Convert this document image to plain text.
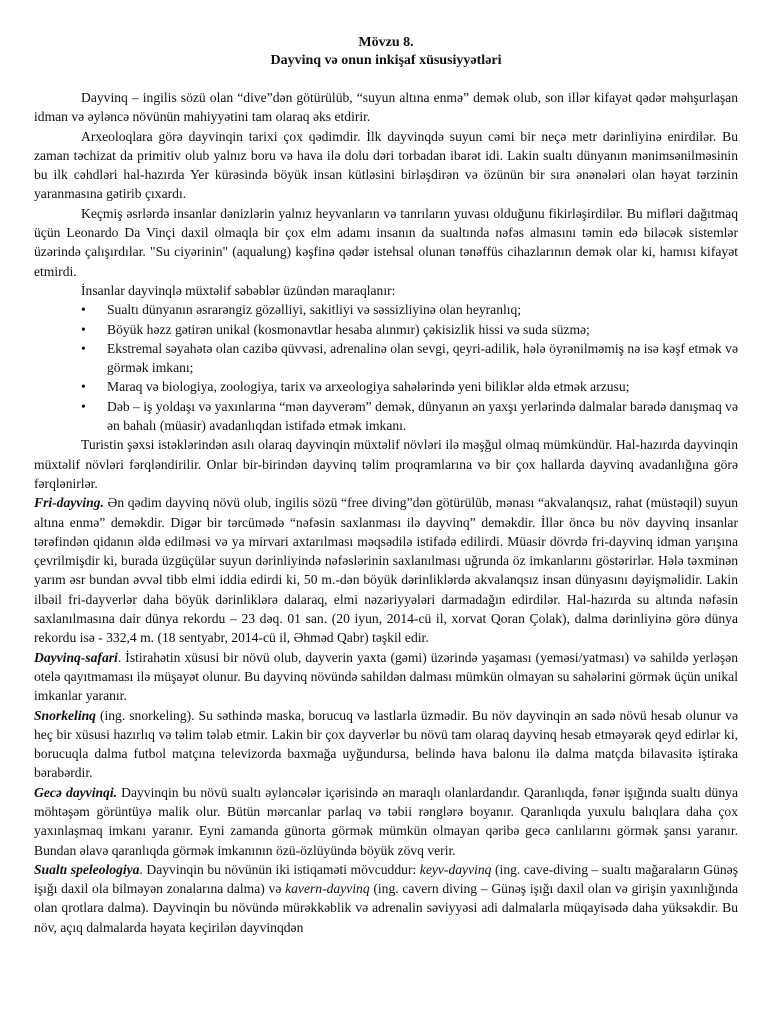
Mövzu 8.
Dayvinq və onun inkişaf xüsusiyyətləri

Dayvinq – ingilis sözü olan “dive”dən götürülüb, “suyun altına enmə” demək olub, son illər kifayət qədər məhşurlaşan idman və əyləncə növünün mahiyyətini tam olaraq əks etdirir.

Arxeoloqlara görə dayvinqin tarixi çox qədimdir. İlk dayvinqdə suyun cəmi bir neçə metr dərinliyinə enirdilər. Bu zaman təchizat da primitiv olub yalnız boru və hava ilə dolu dəri torbadan ibarət idi. Lakin sualtı dünyanın mənimsənilməsinin bu ilk cəhdləri hal-hazırda Yer kürəsində böyük insan kütləsini birləşdirən və özünün bir sıra ənənələri olan həyat tərzinin yaranmasına gətirib çıxardı.

Keçmiş əsrlərdə insanlar dənizlərin yalnız heyvanların və tanrıların yuvası olduğunu fikirləşirdilər. Bu mifləri dağıtmaq üçün Leonardo Da Vinçi daxil olmaqla bir çox elm adamı insanın da sualtında nəfəs almasını təmin edə biləcək sistemlər üzərində çalışırdılar. "Su ciyərinin" (aqualung) kəşfinə qədər istehsal olunan tənəffüs cihazlarının demək olar ki, hamısı kifayət etmirdi.

İnsanlar dayvinqlə müxtəlif səbəblər üzündən maraqlanır:

• Sualtı dünyanın əsrarəngiz gözəlliyi, sakitliyi və səssizliyinə olan heyranlıq;
• Böyük həzz gətirən unikal (kosmonavtlar hesaba alınmır) çəkisizlik hissi və suda süzmə;
• Ekstremal səyahətə olan cazibə qüvvəsi, adrenalinə olan sevgi, qeyri-adilik, hələ öyrənilməmiş nə isə kəşf etmək və görmək imkanı;
• Maraq və biologiya, zoologiya, tarix və arxeologiya sahələrində yeni biliklər əldə etmək arzusu;
• Dəb – iş yoldaşı və yaxınlarına “mən dayverəm” demək, dünyanın ən yaxşı yerlərində dalmalar barədə danışmaq və ən bahalı (müasir) avadanlıqdan istifadə etmək imkanı.

Turistin şəxsi istəklərindən asılı olaraq dayvinqin müxtəlif növləri ilə məşğul olmaq mümkündür. Hal-hazırda dayvinqin müxtəlif növləri fərqləndirilir. Onlar bir-birindən dayvinq təlim proqramlarına və bir çox hallarda dayvinq avadanlığına görə fərqlənirlər.

Fri-dayving. Ən qədim dayvinq növü olub, ingilis sözü “free diving”dən götürülüb, mənası “akvalanqsız, rahat (müstəqil) suyun altına enmə” deməkdir. Digər bir tərcümədə “nəfəsin saxlanması ilə dayvinq” deməkdir. İllər öncə bu növ dayvinq insanlar tərəfindən qidanın əldə edilməsi və ya mirvari axtarılması məqsədilə istifadə edilirdi. Müasir dövrdə fri-dayvinq idman yarışına çevrilmişdir ki, burada üzgüçülər suyun dərinliyində nəfəslərinin saxlanılması uğrunda öz imkanlarını göstərirlər. Hələ təxminən yarım əsr bundan əvvəl tibb elmi iddia edirdi ki, 50 m.-dən böyük dərinliklərdə akvalanqsız insan dünyasını dəyişməlidir. Lakin ilbəil fri-dayverlər daha böyük dərinliklərə dalaraq, elmi nəzəriyyələri darmadağın edirdilər. Hal-hazırda su altında nəfəsin saxlanılmasına dair dünya rekordu – 23 dəq. 01 san. (20 iyun, 2014-cü il, xorvat Qoran Çolak), dalma dərinliyinə görə dünya rekordu isə - 332,4 m. (18 sentyabr, 2014-cü il, Əhməd Qabr) təşkil edir.

Dayvinq-safari. İstirahətin xüsusi bir növü olub, dayverin yaxta (gəmi) üzərində yaşaması (yeməsi/yatması) və sahildə yerləşən otelə qayıtmaması ilə müşayət olunur. Bu dayvinq növündə sahildən dalması mümkün olmayan su sahələrini görmək üçün unikal imkanlar yaranır.

Snorkelinq (ing. snorkeling). Su səthində maska, borucuq və lastlarla üzmədir. Bu növ dayvinqin ən sadə növü hesab olunur və heç bir xüsusi hazırlıq və təlim tələb etmir. Lakin bir çox dayverlər bu növü tam olaraq dayvinq hesab etməyərək qeyd edirlər ki, borucuqla dalma futbol matçına televizorda baxmağa uyğundursa, belində hava balonu ilə dalma matçda bilavasitə iştiraka bərabərdir.

Gecə dayvinqi. Dayvinqin bu növü sualtı əyləncələr içərisində ən maraqlı olanlardandır. Qaranlıqda, fənər işığında sualtı dünya möhtəşəm görüntüyə malik olur. Bütün mərcanlar parlaq və təbii rənglərə boyanır. Qaranlıqda yuxulu balıqlara daha çox yaxınlaşmaq imkanı yaranır. Eyni zamanda günorta görmək mümkün olmayan qəribə gecə canlılarını görmək şansı yaranır. Bundan əlavə qaranlıqda görmək imkanının özü-özlüyündə böyük zövq verir.

Sualtı speleologiya. Dayvinqin bu növünün iki istiqaməti mövcuddur: keyv-dayvinq (ing. cave-diving – sualtı mağaraların Günəş işığı daxil ola bilməyən zonalarına dalma) və kavern-dayvinq (ing. cavern diving – Günəş işığı daxil olan və girişin yaxınlığında olan qrotlara dalma). Dayvinqin bu növündə mürəkkəblik və adrenalin səviyyəsi adi dalmalarla müqayisədə daha yüksəkdir. Bu növ, açıq dalmalarda həyata keçirilən dayvinqdən
